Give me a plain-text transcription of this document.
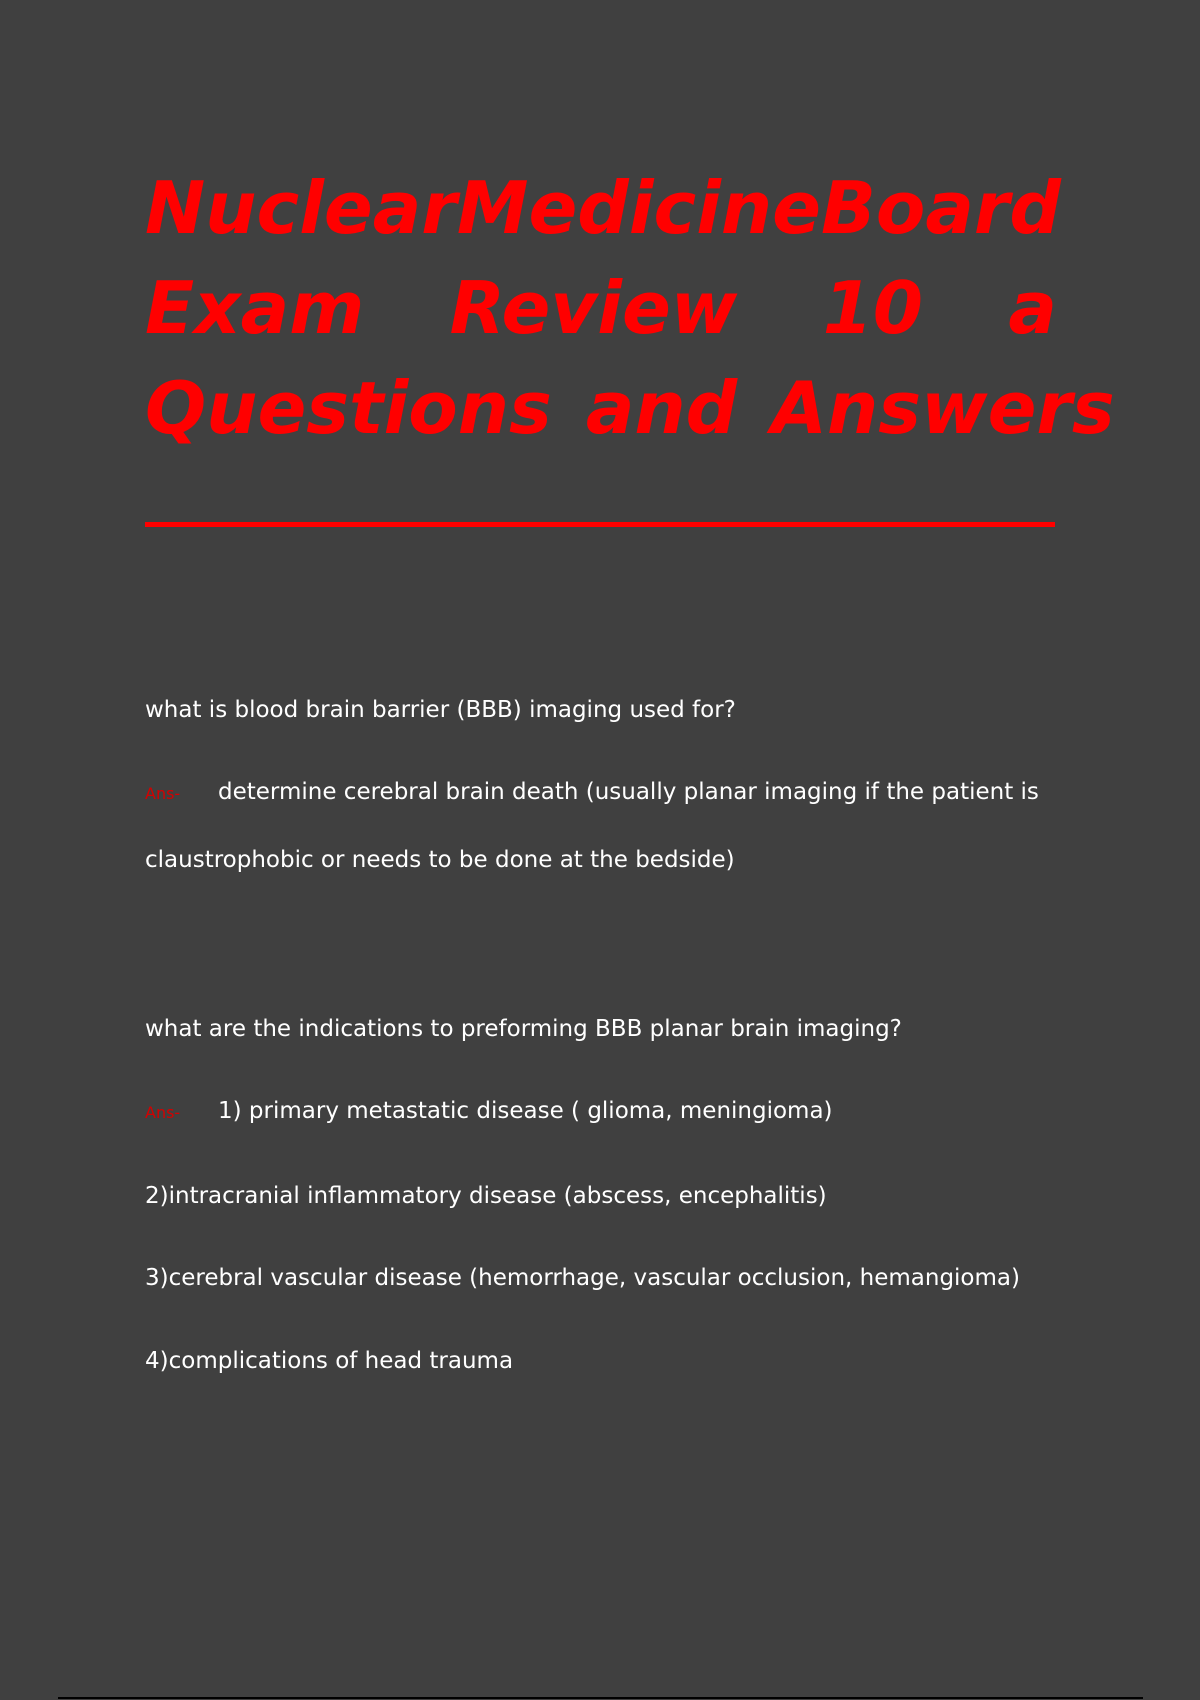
Nuclear Medicine Board
Exam Review 10 a
Questions and Answers
what is blood brain barrier (BBB) imaging used for?
Ans- determine cerebral brain death (usually planar imaging if the patient is
claustrophobic or needs to be done at the bedside)
what are the indications to preforming BBB planar brain imaging?
Ans- 1) primary metastatic disease ( glioma, meningioma)
2)intracranial inflammatory disease (abscess, encephalitis)
3)cerebral vascular disease (hemorrhage, vascular occlusion, hemangioma)
4)complications of head trauma
